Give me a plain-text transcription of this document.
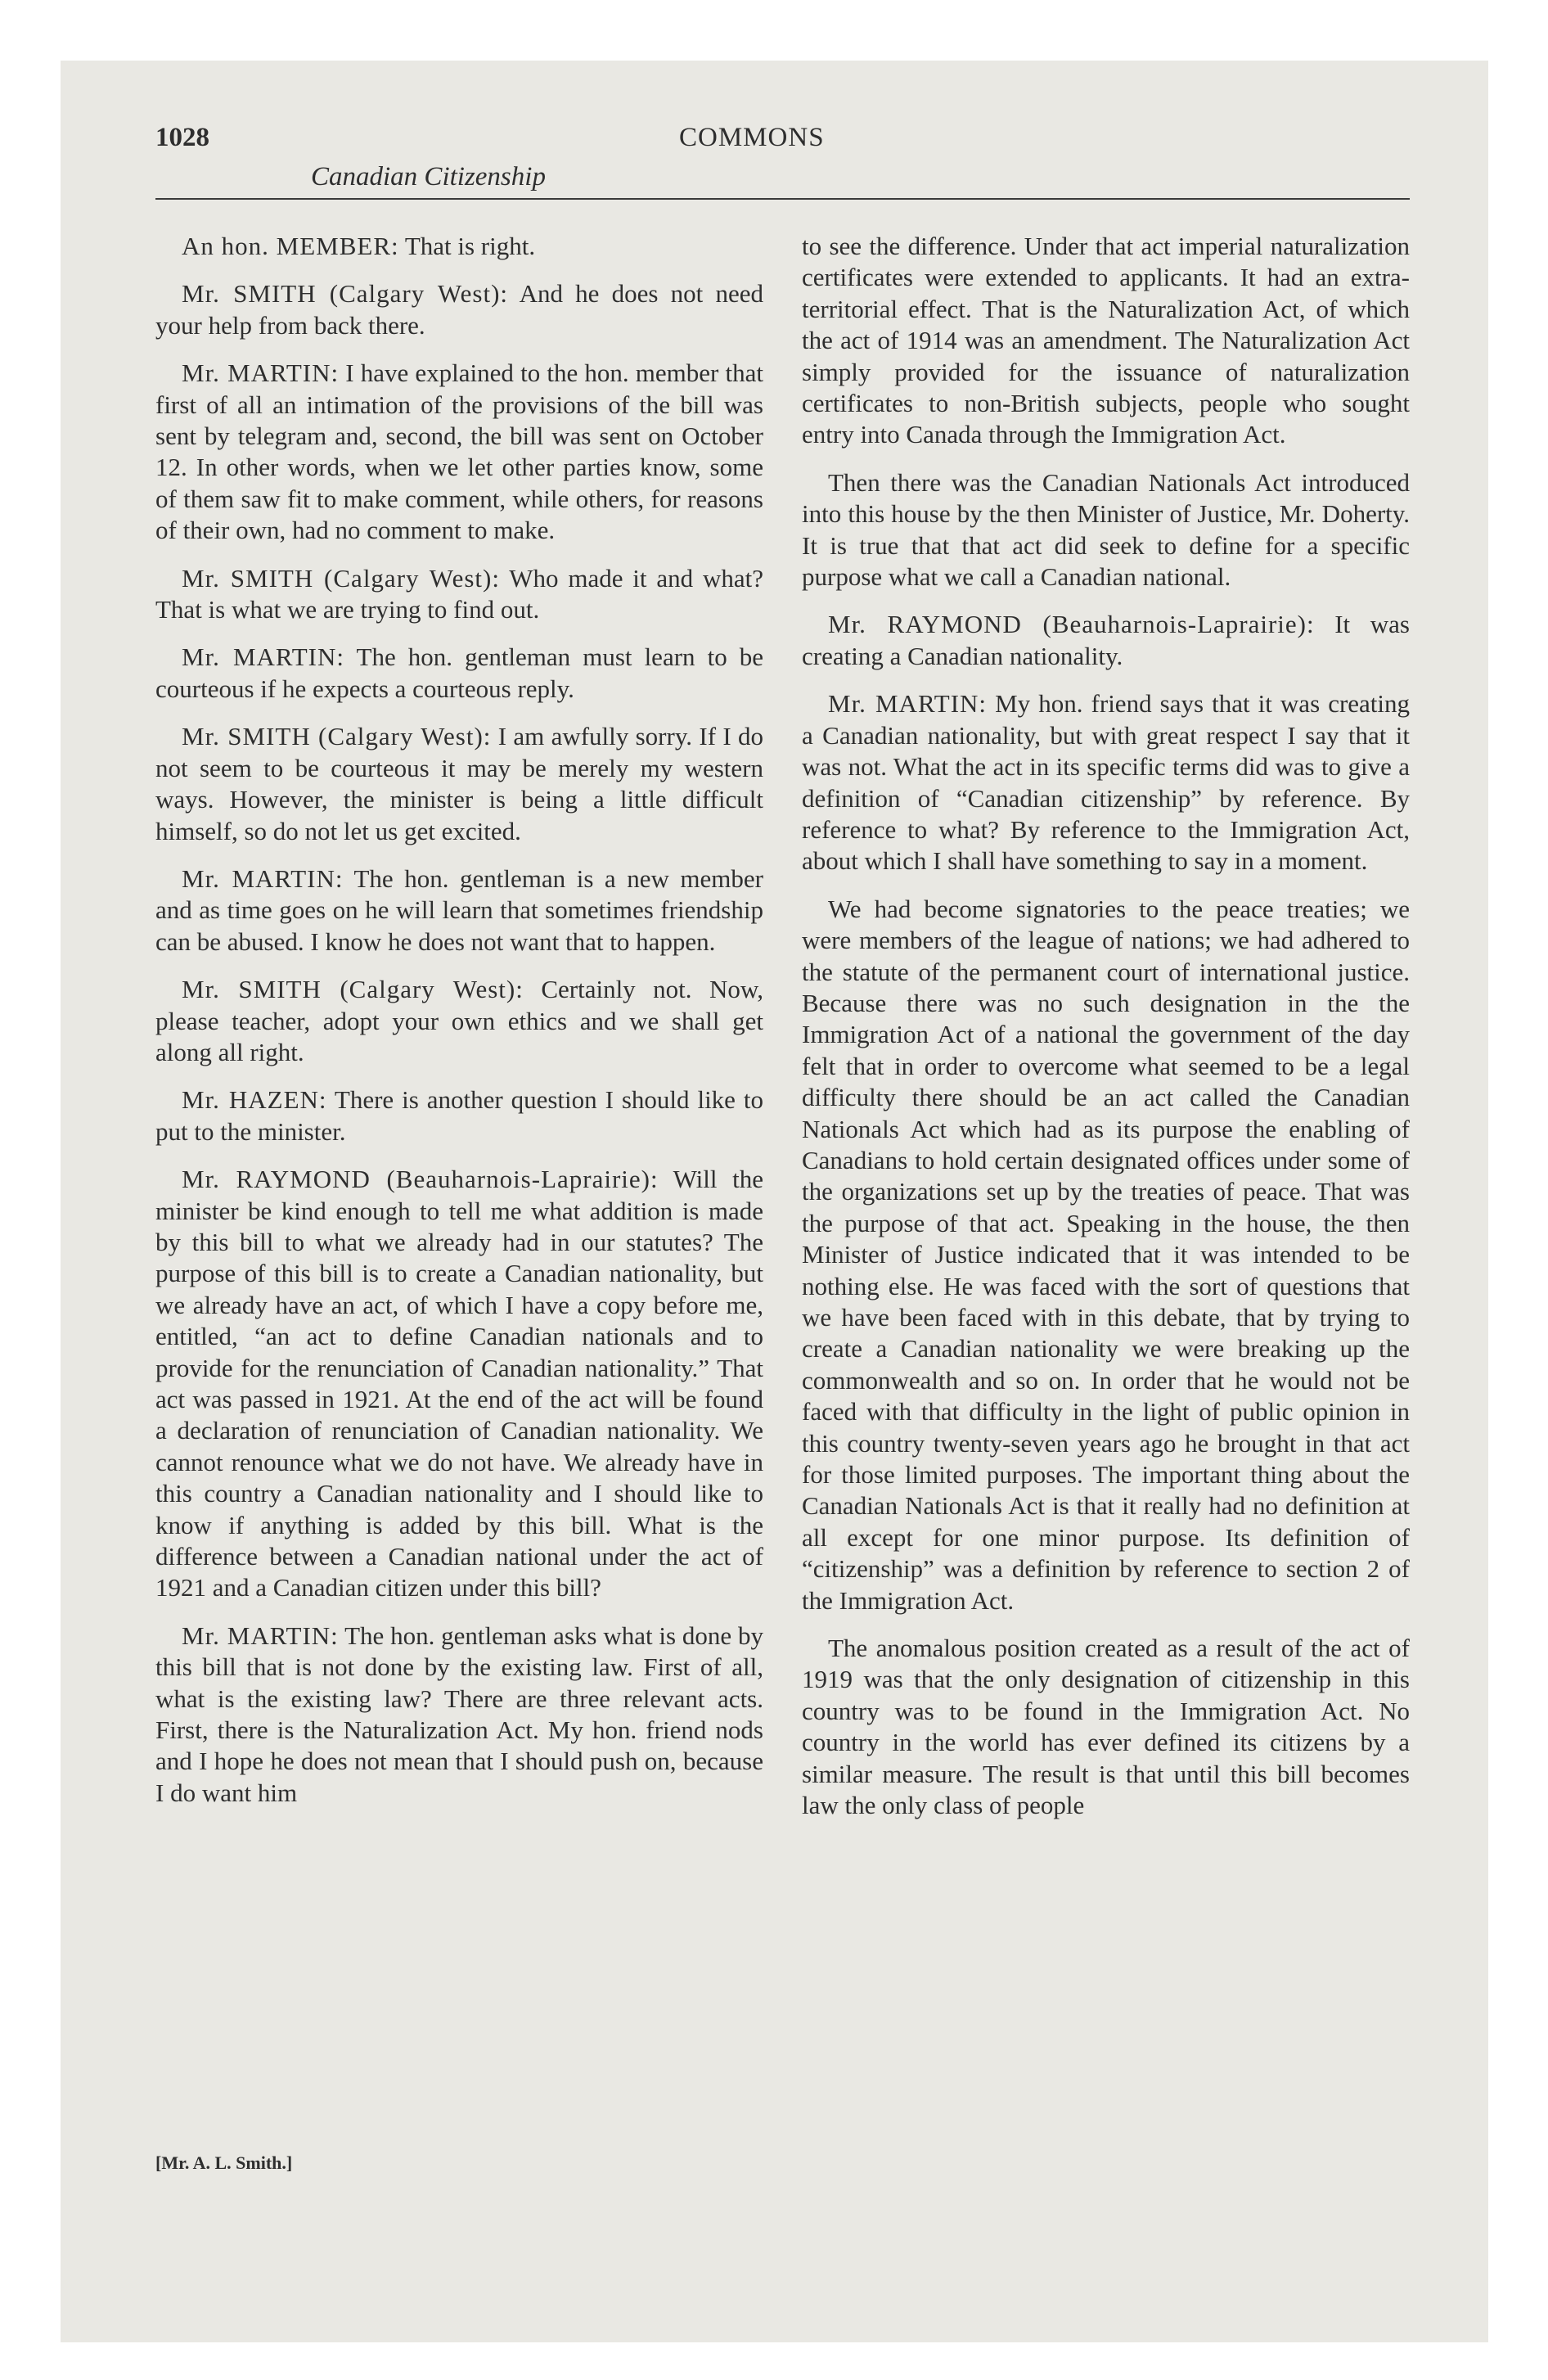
1028	COMMONS
Canadian Citizenship

An hon. MEMBER: That is right.

Mr. SMITH (Calgary West): And he does not need your help from back there.

Mr. MARTIN: I have explained to the hon. member that first of all an intimation of the provisions of the bill was sent by telegram and, second, the bill was sent on October 12. In other words, when we let other parties know, some of them saw fit to make comment, while others, for reasons of their own, had no comment to make.

Mr. SMITH (Calgary West): Who made it and what? That is what we are trying to find out.

Mr. MARTIN: The hon. gentleman must learn to be courteous if he expects a courteous reply.

Mr. SMITH (Calgary West): I am awfully sorry. If I do not seem to be courteous it may be merely my western ways. However, the minister is being a little difficult himself, so do not let us get excited.

Mr. MARTIN: The hon. gentleman is a new member and as time goes on he will learn that sometimes friendship can be abused. I know he does not want that to happen.

Mr. SMITH (Calgary West): Certainly not. Now, please teacher, adopt your own ethics and we shall get along all right.

Mr. HAZEN: There is another question I should like to put to the minister.

Mr. RAYMOND (Beauharnois-Laprairie): Will the minister be kind enough to tell me what addition is made by this bill to what we already had in our statutes? The purpose of this bill is to create a Canadian nationality, but we already have an act, of which I have a copy before me, entitled, “an act to define Canadian nationals and to provide for the renunciation of Canadian nationality.” That act was passed in 1921. At the end of the act will be found a declaration of renunciation of Canadian nationality. We cannot renounce what we do not have. We already have in this country a Canadian nationality and I should like to know if anything is added by this bill. What is the difference between a Canadian national under the act of 1921 and a Canadian citizen under this bill?

Mr. MARTIN: The hon. gentleman asks what is done by this bill that is not done by the existing law. First of all, what is the existing law? There are three relevant acts. First, there is the Naturalization Act. My hon. friend nods and I hope he does not mean that I should push on, because I do want him

to see the difference. Under that act imperial naturalization certificates were extended to applicants. It had an extra-territorial effect. That is the Naturalization Act, of which the act of 1914 was an amendment. The Naturalization Act simply provided for the issuance of naturalization certificates to non-British subjects, people who sought entry into Canada through the Immigration Act.

Then there was the Canadian Nationals Act introduced into this house by the then Minister of Justice, Mr. Doherty. It is true that that act did seek to define for a specific purpose what we call a Canadian national.

Mr. RAYMOND (Beauharnois-Laprairie): It was creating a Canadian nationality.

Mr. MARTIN: My hon. friend says that it was creating a Canadian nationality, but with great respect I say that it was not. What the act in its specific terms did was to give a definition of “Canadian citizenship” by reference. By reference to what? By reference to the Immigration Act, about which I shall have something to say in a moment.

We had become signatories to the peace treaties; we were members of the league of nations; we had adhered to the statute of the permanent court of international justice. Because there was no such designation in the the Immigration Act of a national the government of the day felt that in order to overcome what seemed to be a legal difficulty there should be an act called the Canadian Nationals Act which had as its purpose the enabling of Canadians to hold certain designated offices under some of the organizations set up by the treaties of peace. That was the purpose of that act. Speaking in the house, the then Minister of Justice indicated that it was intended to be nothing else. He was faced with the sort of questions that we have been faced with in this debate, that by trying to create a Canadian nationality we were breaking up the commonwealth and so on. In order that he would not be faced with that difficulty in the light of public opinion in this country twenty-seven years ago he brought in that act for those limited purposes. The important thing about the Canadian Nationals Act is that it really had no definition at all except for one minor purpose. Its definition of “citizenship” was a definition by reference to section 2 of the Immigration Act.

The anomalous position created as a result of the act of 1919 was that the only designation of citizenship in this country was to be found in the Immigration Act. No country in the world has ever defined its citizens by a similar measure. The result is that until this bill becomes law the only class of people

[Mr. A. L. Smith.]
